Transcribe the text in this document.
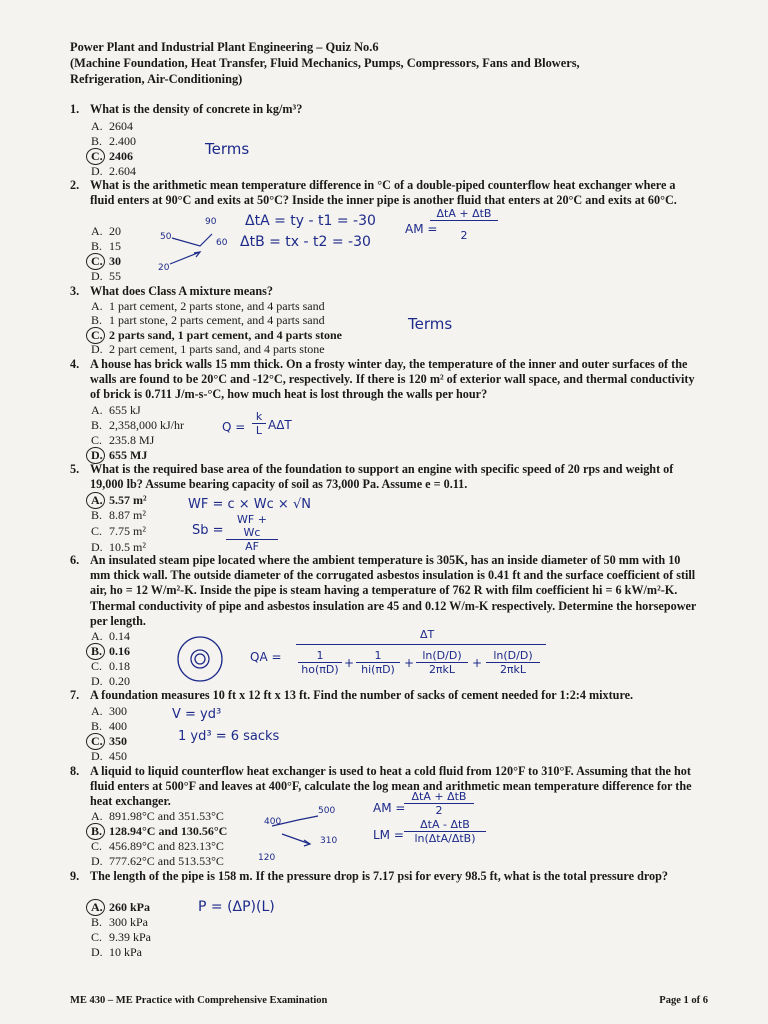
Power Plant and Industrial Plant Engineering – Quiz No.6
(Machine Foundation, Heat Transfer, Fluid Mechanics, Pumps, Compressors, Fans and Blowers,
Refrigeration, Air-Conditioning)
1. What is the density of concrete in kg/m³?
A. 2604
B. 2.400
C. 2406
D. 2.604
Terms
2. What is the arithmetic mean temperature difference in °C of a double-piped counterflow heat exchanger where a fluid enters at 90°C and exits at 50°C? Inside the inner pipe is another fluid that enters at 20°C and exits at 60°C.
A. 20
B. 15
C. 30
D. 55
90
50
60
20
ΔtA = ty - t1 = -30
ΔtB = tx - t2 = -30
AM =
ΔtA + ΔtB
2
3. What does Class A mixture means?
A. 1 part cement, 2 parts stone, and 4 parts sand
B. 1 part stone, 2 parts cement, and 4 parts sand
C. 2 parts sand, 1 part cement, and 4 parts stone
D. 2 part cement, 1 parts sand, and 4 parts stone
Terms
4. A house has brick walls 15 mm thick. On a frosty winter day, the temperature of the inner and outer surfaces of the walls are found to be 20°C and -12°C, respectively. If there is 120 m² of exterior wall space, and thermal conductivity of brick is 0.711 J/m-s-°C, how much heat is lost through the walls per hour?
A. 655 kJ
B. 2,358,000 kJ/hr
C. 235.8 MJ
D. 655 MJ
$Q = \frac{k}{L}$ AΔT
5. What is the required base area of the foundation to support an engine with specific speed of 20 rps and weight of 19,000 lb? Assume bearing capacity of soil as 73,000 Pa. Assume e = 0.11.
A. 5.57 m²
B. 8.87 m²
C. 7.75 m²
D. 10.5 m²
WF = c × Wc × √N
$Sb = \frac{WF + Wc}{AF}$
6. An insulated steam pipe located where the ambient temperature is 305K, has an inside diameter of 50 mm with 10 mm thick wall. The outside diameter of the corrugated asbestos insulation is 0.41 ft and the surface coefficient of still air, ho = 12 W/m²-K. Inside the pipe is steam having a temperature of 762 R with film coefficient hi = 6 kW/m²-K. Thermal conductivity of pipe and asbestos insulation are 45 and 0.12 W/m-K respectively. Determine the horsepower per length.
A. 0.14
B. 0.16
C. 0.18
D. 0.20
QA =
ΔT
$\frac{1}{ho(\pi D)} + \frac{1}{hi(\pi D)}$ +
ln(D/D)
2πkL	+
ln(D/D)
2πkL
7. A foundation measures 10 ft x 12 ft x 13 ft. Find the number of sacks of cement needed for 1:2:4 mixture.
A. 300
B. 400
C. 350
D. 450
V = yd³
1 yd³ = 6 sacks
8. A liquid to liquid counterflow heat exchanger is used to heat a cold fluid from 120°F to 310°F. Assuming that the hot fluid enters at 500°F and leaves at 400°F, calculate the log mean and arithmetic mean temperature difference for the heat exchanger.
A. 891.98°C and 351.53°C
B. 128.94°C and 130.56°C
C. 456.89°C and 823.13°C
D. 777.62°C and 513.53°C
400
500
310
120
AM =
ΔtA + ΔtB
2
LM =
ΔtA - ΔtB
ln(ΔtA/ΔtB)
9. The length of the pipe is 158 m. If the pressure drop is 7.17 psi for every 98.5 ft, what is the total pressure drop?
A. 260 kPa
B. 300 kPa
C. 9.39 kPa
D. 10 kPa
P = (ΔP)(L)
ME 430 – ME Practice with Comprehensive Examination	Page 1 of 6
